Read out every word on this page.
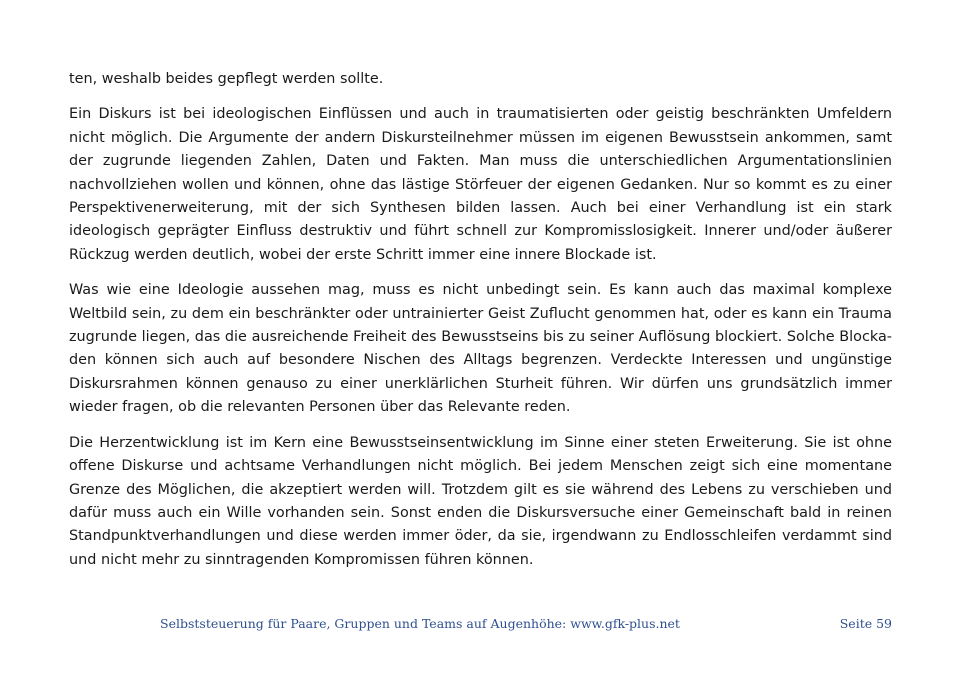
ten, weshalb beides gepflegt werden sollte.

Ein Diskurs ist bei ideologischen Einflüssen und auch in traumatisierten oder geistig beschränkten Umfeldern nicht möglich. Die Argumente der andern Diskursteilnehmer müssen im eigenen Bewusstsein ankommen, samt der zugrunde liegenden Zahlen, Daten und Fakten. Man muss die unterschiedlichen Argumentationslinien nachvollziehen wollen und können, ohne das lästige Störfeuer der eigenen Gedanken. Nur so kommt es zu einer Perspektivenerweiterung, mit der sich Synthesen bilden lassen. Auch bei einer Verhandlung ist ein stark ideologisch geprägter Einfluss destruktiv und führt schnell zur Kompromisslosigkeit. Innerer und/oder äußerer Rückzug werden deutlich, wobei der erste Schritt immer eine innere Blockade ist.

Was wie eine Ideologie aussehen mag, muss es nicht unbedingt sein. Es kann auch das maximal komplexe Weltbild sein, zu dem ein beschränkter oder untrainierter Geist Zuflucht genommen hat, oder es kann ein Trauma zugrunde liegen, das die ausreichende Freiheit des Bewusstseins bis zu seiner Auflösung blockiert. Solche Blockaden können sich auch auf besondere Nischen des Alltags begrenzen. Verdeckte Interessen und ungünstige Diskursrahmen können genauso zu einer unerklärlichen Sturheit führen. Wir dürfen uns grundsätzlich immer wieder fragen, ob die relevanten Personen über das Relevante reden.

Die Herzentwicklung ist im Kern eine Bewusstseinsentwicklung im Sinne einer steten Erweiterung. Sie ist ohne offene Diskurse und achtsame Verhandlungen nicht möglich. Bei jedem Menschen zeigt sich eine momentane Grenze des Möglichen, die akzeptiert werden will. Trotzdem gilt es sie während des Lebens zu verschieben und dafür muss auch ein Wille vorhanden sein. Sonst enden die Diskursversuche einer Gemeinschaft bald in reinen Standpunktverhandlungen und diese werden immer öder, da sie, irgendwann zu Endlosschleifen verdammt sind und nicht mehr zu sinntragenden Kompromissen führen können.

Selbststeuerung für Paare, Gruppen und Teams auf Augenhöhe: www.gfk-plus.net	Seite 59
